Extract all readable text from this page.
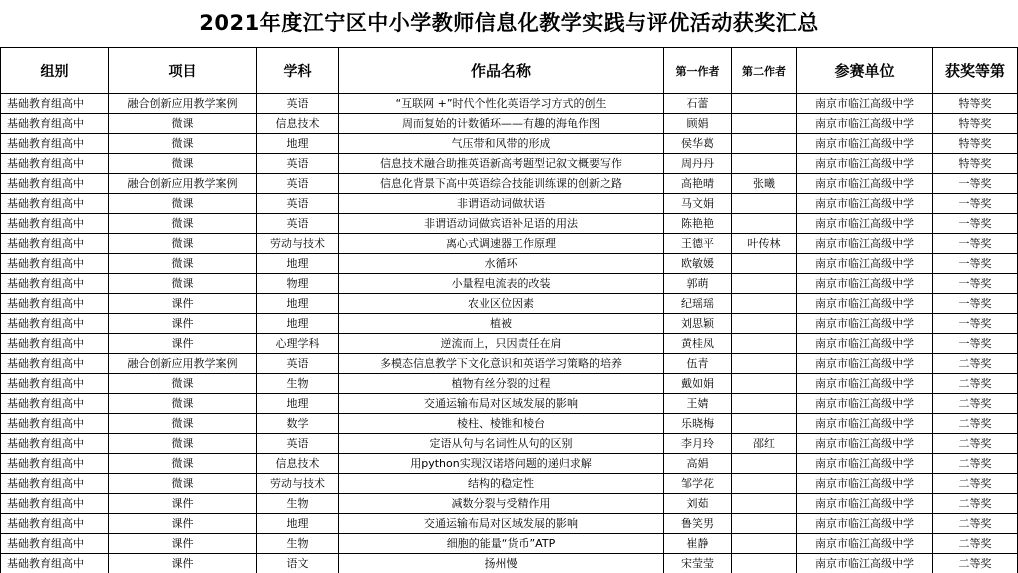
2021年度江宁区中小学教师信息化教学实践与评优活动获奖汇总
组别	项目	学科	作品名称	第一作者	第二作者	参赛单位	获奖等第
基础教育组高中	融合创新应用教学案例	英语	“互联网 +”时代个性化英语学习方式的创生	石蕾		南京市临江高级中学	特等奖
基础教育组高中	微课	信息技术	周而复始的计数循环——有趣的海龟作图	顾娟		南京市临江高级中学	特等奖
基础教育组高中	微课	地理	气压带和风带的形成	侯华葛		南京市临江高级中学	特等奖
基础教育组高中	微课	英语	信息技术融合助推英语新高考题型记叙文概要写作	周丹丹		南京市临江高级中学	特等奖
基础教育组高中	融合创新应用教学案例	英语	信息化背景下高中英语综合技能训练课的创新之路	高艳晴	张曦	南京市临江高级中学	一等奖
基础教育组高中	微课	英语	非谓语动词做状语	马文娟		南京市临江高级中学	一等奖
基础教育组高中	微课	英语	非谓语动词做宾语补足语的用法	陈艳艳		南京市临江高级中学	一等奖
基础教育组高中	微课	劳动与技术	离心式调速器工作原理	王德平	叶传林	南京市临江高级中学	一等奖
基础教育组高中	微课	地理	水循环	欧敏媛		南京市临江高级中学	一等奖
基础教育组高中	微课	物理	小量程电流表的改装	郭萌		南京市临江高级中学	一等奖
基础教育组高中	课件	地理	农业区位因素	纪瑶瑶		南京市临江高级中学	一等奖
基础教育组高中	课件	地理	植被	刘思颖		南京市临江高级中学	一等奖
基础教育组高中	课件	心理学科	逆流而上，只因责任在肩	黄桂凤		南京市临江高级中学	一等奖
基础教育组高中	融合创新应用教学案例	英语	多模态信息教学下文化意识和英语学习策略的培养	伍青		南京市临江高级中学	二等奖
基础教育组高中	微课	生物	植物有丝分裂的过程	戴如娟		南京市临江高级中学	二等奖
基础教育组高中	微课	地理	交通运输布局对区域发展的影响	王婧		南京市临江高级中学	二等奖
基础教育组高中	微课	数学	棱柱、棱锥和棱台	乐晓梅		南京市临江高级中学	二等奖
基础教育组高中	微课	英语	定语从句与名词性从句的区别	李月玲	邵红	南京市临江高级中学	二等奖
基础教育组高中	微课	信息技术	用python实现汉诺塔问题的递归求解	高娟		南京市临江高级中学	二等奖
基础教育组高中	微课	劳动与技术	结构的稳定性	邹学花		南京市临江高级中学	二等奖
基础教育组高中	课件	生物	减数分裂与受精作用	刘茹		南京市临江高级中学	二等奖
基础教育组高中	课件	地理	交通运输布局对区域发展的影响	鲁笑男		南京市临江高级中学	二等奖
基础教育组高中	课件	生物	细胞的能量“货币”ATP	崔静		南京市临江高级中学	二等奖
基础教育组高中	课件	语文	扬州慢	宋莹莹		南京市临江高级中学	二等奖
